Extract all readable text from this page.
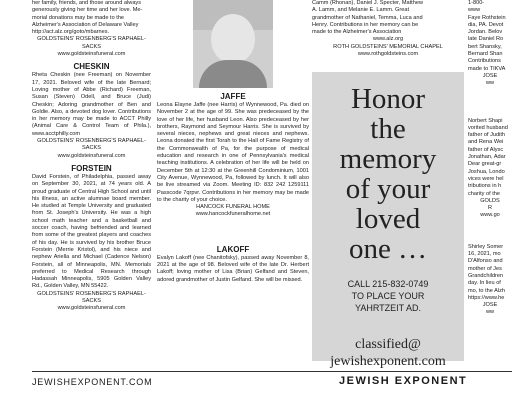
her family, friends, and those around always

generously giving her time and her love. Me-

morial donations may be made to the

Alzheimer's Association of Delaware Valley

http://act.alz.org/goto/mbarnes.

GOLDSTEINS' ROSENBERG'S RAPHAEL-SACKS

www.goldsteinsfuneral.com

CHESKIN

Rheta Cheskin (nee Freeman) on November 17, 2021. Beloved wife of the late Bernard; Loving mother of Abbe (Richard) Freeman, Susan (Steven) Odell, and Bruce (Judi) Cheskin; Adoring grandmother of Ben and Goldie. Also, a devoted dog lover. Contributions in her memory may be made to ACCT Philly (Animal Care & Control Team of Phila.), www.acctphilly.com

GOLDSTEINS' ROSENBERG'S RAPHAEL-SACKS

www.goldsteinsfuneral.com

FORSTEIN

David Forstein, of Philadelphia, passed away on September 30, 2021, at 74 years old. A proud graduate of Central High School and until his illness, an active alumnae board member. He studied at Temple University and graduated from St. Joseph's University. He was a high school math teacher and a basketball and soccer coach, having befriended and learned from some of the greatest players and coaches of his day. He is survived by his brother Bruce Forstein (Merrie Kristol), and his niece and nephew Ariella and Michael (Cadence Nelson) Forstein, all of Minneapolis, MN. Memorials preferred to Medical Research through Hadassah Minneapolis, 5905 Golden Valley Rd., Golden Valley, MN 55422.

GOLDSTEINS' ROSENBERG'S RAPHAEL-SACKS

www.goldsteinsfuneral.com

JAFFE

Leona Elayne Jaffe (nee Harris) of Wynnewood, Pa. died on November 2 at the age of 99. She was predeceased by the love of her life, her husband Leon. Also predeceased by her brothers, Raymond and Seymour Harris. She is survived by several nieces, nephews and great nieces and nephews. Leona donated the first Torah to the Hall of Fame Registry of the Commonwealth of Pa, for the purpose of medical education and research in one of Pennsylvania's medical teaching institutions. A celebration of her life will be held on December 5th at 12:30 at the Greenhill Condominium, 1001 City Avenue, Wynnewood, Pa, followed by lunch. It will also be live streamed via Zoom. Meeting ID: 832 242 1259111 Passcode 7qrpvr. Contributions in her memory may be made to the charity of your choice.

HANCOCK FUNERAL HOME

www.hancockfuneralhome.net

LAKOFF

Evalyn Lakoff (nee Chanitofsky), passed away November 8, 2021 at the age of 98. Beloved wife of the late Dr. Herbert Lakoff; loving mother of Lisa (Brian) Gelfand and Steven, adored grandmother of Justin Gelfand. She will be missed.

Camm (Rhonan), Daniel J. Specter, Matthew

A. Lamm, and Melanie E. Lamm. Great

grandmother of Nathaniel, Temma, Luca and

Henry. Contributions in her memory can be

made to the Alzheimer's Association

www.alz.org

ROTH GOLDSTEINS' MEMORIAL CHAPEL

www.rothgoldsteins.com

Honor
the
memory
of your
loved
one …
CALL 215-832-0749
TO PLACE YOUR
YAHRTZEIT AD.
classified@
jewishexponent.com

1-800-

www

Faye Rothstein

dia, PA. Devot

Jordan. Belov

late Daniel Ro

bert Shansky,

Bernard Shan

Contributions

made to TIKVA

JOSE

ww

Norbert Shapi

vorited husband

father of Judith

and Rena Wei

father of Alysc

Jonathan, Adar

Dear great-gr

Joshua, Londo

vices were hel

tributions in h

charity of the

GOLDS

R

www.go

Shirley Somer

16, 2021, mo

D'Alfonso and

mother of Jes

Grandchildren

day. In lieu of

mo, to the Alzh

https://www.he

JOSE

ww

JEWISHEXPONENT.COM	JEWISH EXPONENT
